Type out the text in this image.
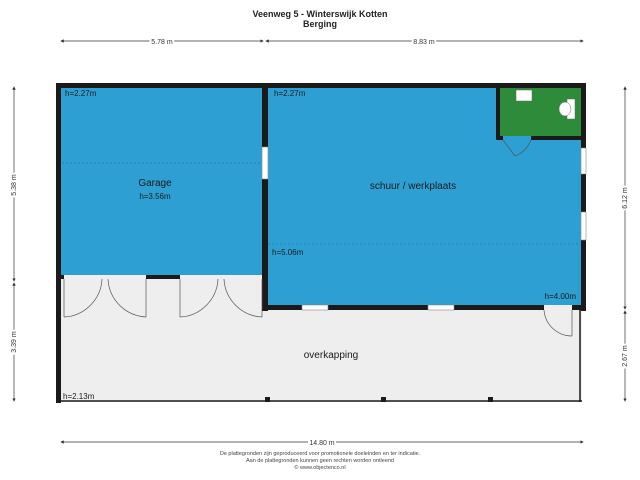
Veenweg 5 - Winterswijk Kotten
Berging
5.78 m	8.83 m
5.38 m
3.39 m
6.12 m
2.67 m
14.80 m
h=2.27m
Garage
h=3.56m
h=2.27m
schuur / werkplaats
h=5.06m
h=4.00m
overkapping
h=2.13m
De plattegronden zijn geproduceerd voor promotionele doeleinden en ter indicatie.
Aan de plattegronden kunnen geen rechten worden ontleend
© www.objectenco.nl
